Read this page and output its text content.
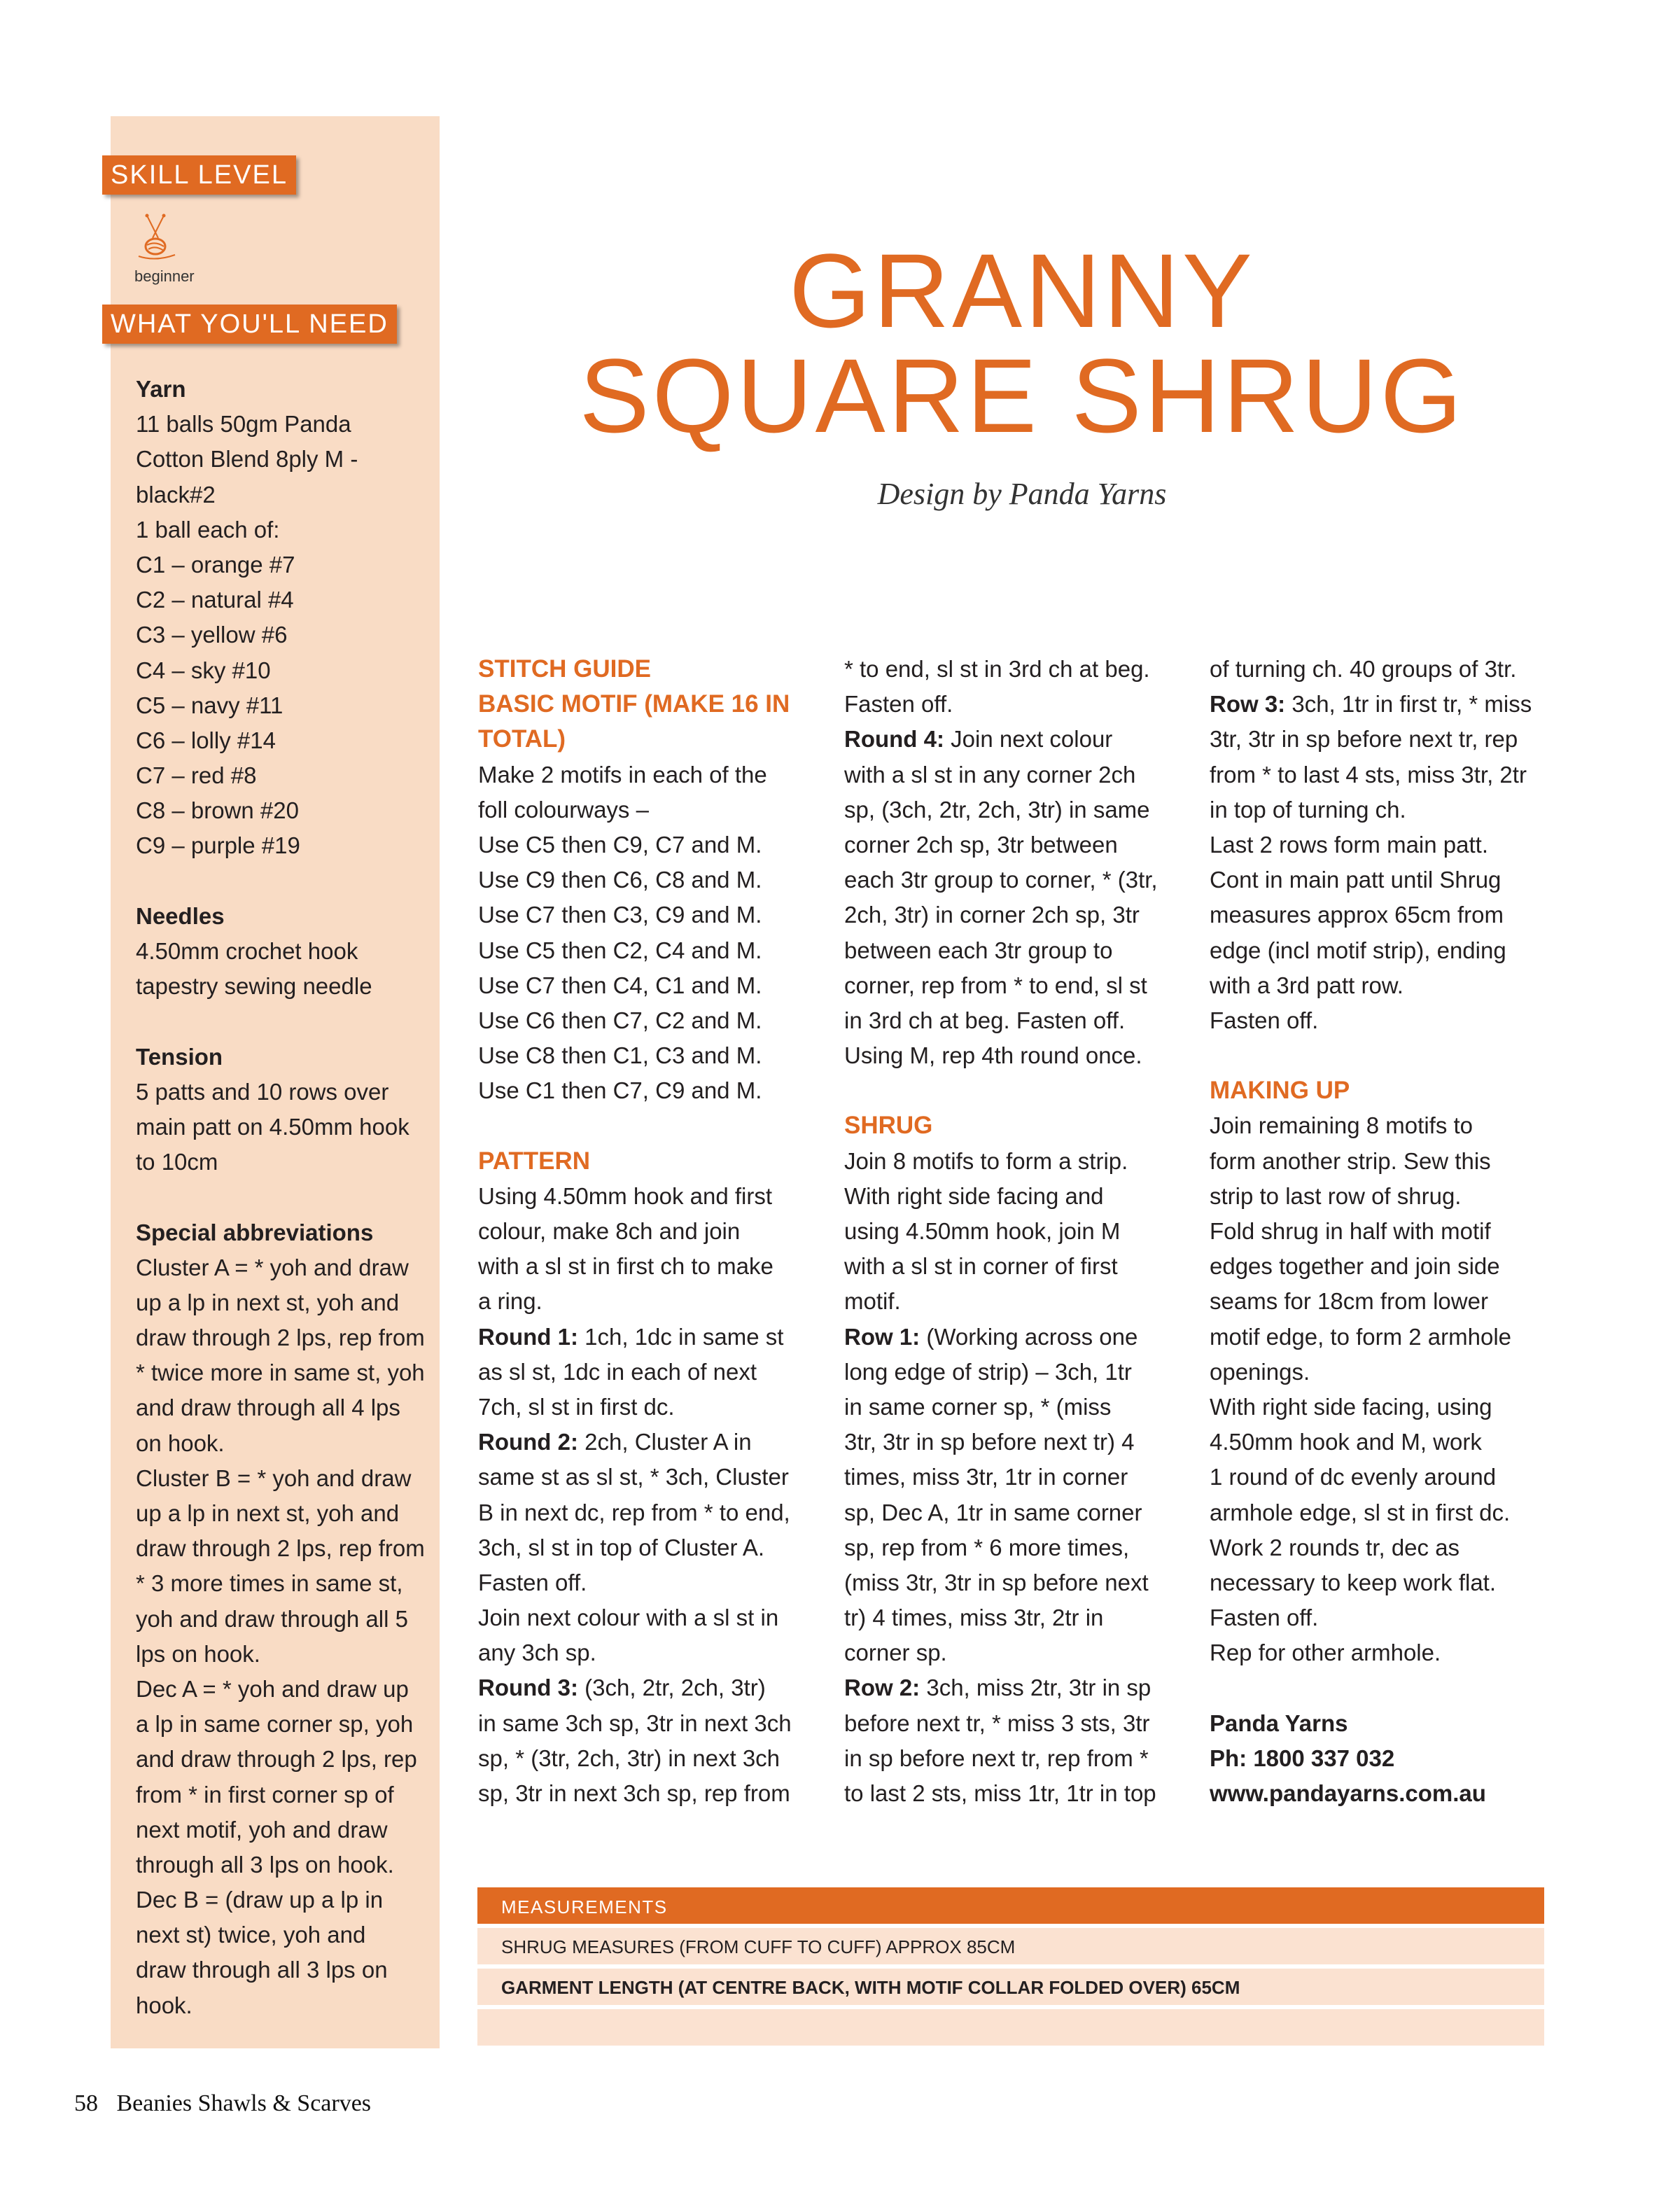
SKILL LEVEL
beginner
WHAT YOU'LL NEED
Yarn
11 balls 50gm Panda
Cotton Blend 8ply M -
black#2
1 ball each of:
C1 – orange #7
C2 – natural #4
C3 – yellow #6
C4 – sky #10
C5 – navy #11
C6 – lolly #14
C7 – red #8
C8 – brown #20
C9 – purple #19
Needles
4.50mm crochet hook
tapestry sewing needle
Tension
5 patts and 10 rows over
main patt on 4.50mm hook
to 10cm
Special abbreviations
Cluster A = * yoh and draw
up a lp in next st, yoh and
draw through 2 lps, rep from
* twice more in same st, yoh
and draw through all 4 lps
on hook.
Cluster B = * yoh and draw
up a lp in next st, yoh and
draw through 2 lps, rep from
* 3 more times in same st,
yoh and draw through all 5
lps on hook.
Dec A = * yoh and draw up
a lp in same corner sp, yoh
and draw through 2 lps, rep
from * in first corner sp of
next motif, yoh and draw
through all 3 lps on hook.
Dec B = (draw up a lp in
next st) twice, yoh and
draw through all 3 lps on
hook.
GRANNY
SQUARE SHRUG
Design by Panda Yarns
STITCH GUIDE
BASIC MOTIF (MAKE 16 IN
TOTAL)
Make 2 motifs in each of the
foll colourways –
Use C5 then C9, C7 and M.
Use C9 then C6, C8 and M.
Use C7 then C3, C9 and M.
Use C5 then C2, C4 and M.
Use C7 then C4, C1 and M.
Use C6 then C7, C2 and M.
Use C8 then C1, C3 and M.
Use C1 then C7, C9 and M.
PATTERN
Using 4.50mm hook and first
colour, make 8ch and join
with a sl st in first ch to make
a ring.
Round 1: 1ch, 1dc in same st
as sl st, 1dc in each of next
7ch, sl st in first dc.
Round 2: 2ch, Cluster A in
same st as sl st, * 3ch, Cluster
B in next dc, rep from * to end,
3ch, sl st in top of Cluster A.
Fasten off.
Join next colour with a sl st in
any 3ch sp.
Round 3: (3ch, 2tr, 2ch, 3tr)
in same 3ch sp, 3tr in next 3ch
sp, * (3tr, 2ch, 3tr) in next 3ch
sp, 3tr in next 3ch sp, rep from
* to end, sl st in 3rd ch at beg.
Fasten off.
Round 4: Join next colour
with a sl st in any corner 2ch
sp, (3ch, 2tr, 2ch, 3tr) in same
corner 2ch sp, 3tr between
each 3tr group to corner, * (3tr,
2ch, 3tr) in corner 2ch sp, 3tr
between each 3tr group to
corner, rep from * to end, sl st
in 3rd ch at beg. Fasten off.
Using M, rep 4th round once.
SHRUG
Join 8 motifs to form a strip.
With right side facing and
using 4.50mm hook, join M
with a sl st in corner of first
motif.
Row 1: (Working across one
long edge of strip) – 3ch, 1tr
in same corner sp, * (miss
3tr, 3tr in sp before next tr) 4
times, miss 3tr, 1tr in corner
sp, Dec A, 1tr in same corner
sp, rep from * 6 more times,
(miss 3tr, 3tr in sp before next
tr) 4 times, miss 3tr, 2tr in
corner sp.
Row 2: 3ch, miss 2tr, 3tr in sp
before next tr, * miss 3 sts, 3tr
in sp before next tr, rep from *
to last 2 sts, miss 1tr, 1tr in top
of turning ch. 40 groups of 3tr.
Row 3: 3ch, 1tr in first tr, * miss
3tr, 3tr in sp before next tr, rep
from * to last 4 sts, miss 3tr, 2tr
in top of turning ch.
Last 2 rows form main patt.
Cont in main patt until Shrug
measures approx 65cm from
edge (incl motif strip), ending
with a 3rd patt row.
Fasten off.
MAKING UP
Join remaining 8 motifs to
form another strip. Sew this
strip to last row of shrug.
Fold shrug in half with motif
edges together and join side
seams for 18cm from lower
motif edge, to form 2 armhole
openings.
With right side facing, using
4.50mm hook and M, work
1 round of dc evenly around
armhole edge, sl st in first dc.
Work 2 rounds tr, dec as
necessary to keep work flat.
Fasten off.
Rep for other armhole.
Panda Yarns
Ph: 1800 337 032
www.pandayarns.com.au
MEASUREMENTS
SHRUG MEASURES (FROM CUFF TO CUFF) APPROX 85CM
GARMENT LENGTH (AT CENTRE BACK, WITH MOTIF COLLAR FOLDED OVER) 65CM
58 Beanies Shawls & Scarves
